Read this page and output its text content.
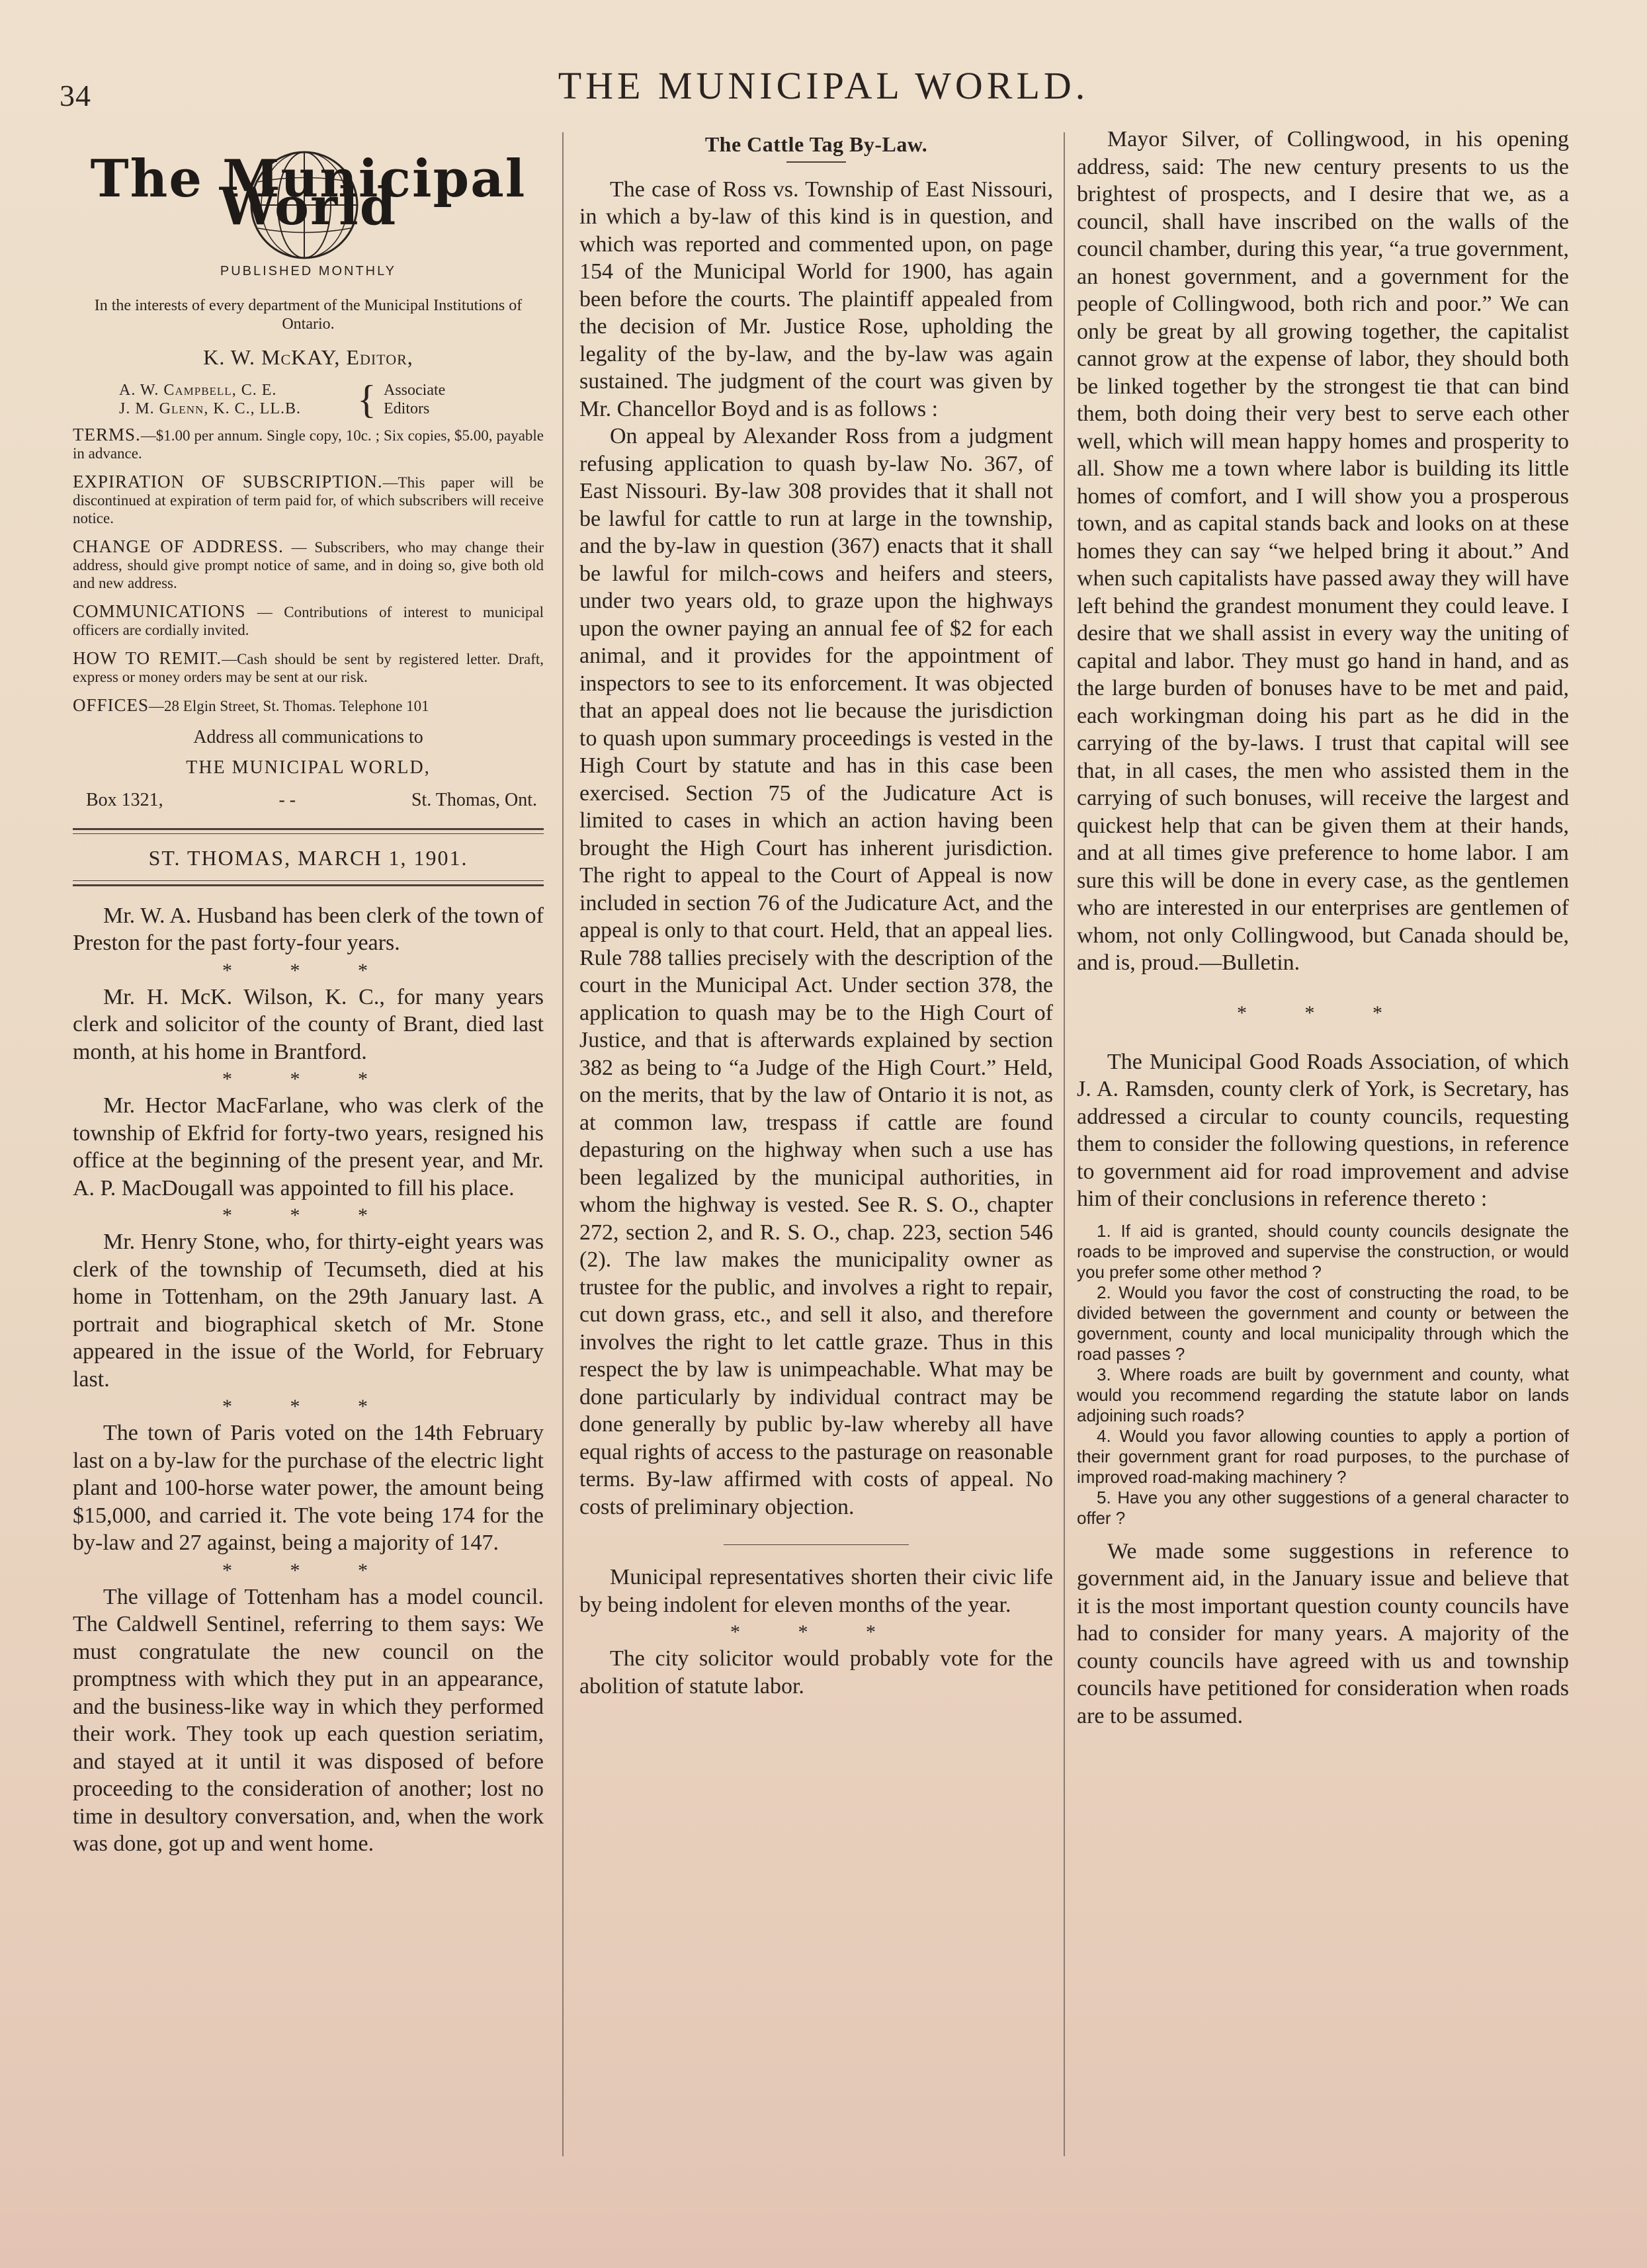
34	THE MUNICIPAL WORLD.
The Municipal World
PUBLISHED MONTHLY
In the interests of every department of the Municipal Institutions of Ontario.
K. W. McKAY, Editor,
A. W. Campbell, C. E.
J. M. Glenn, K. C., LL.B.	{ Associate
Editors
TERMS.—$1.00 per annum. Single copy, 10c. ; Six copies, $5.00, payable in advance.
EXPIRATION OF SUBSCRIPTION.—This paper will be discontinued at expiration of term paid for, of which subscribers will receive notice.
CHANGE OF ADDRESS. — Subscribers, who may change their address, should give prompt notice of same, and in doing so, give both old and new address.
COMMUNICATIONS — Contributions of interest to municipal officers are cordially invited.
HOW TO REMIT.—Cash should be sent by registered letter. Draft, express or money orders may be sent at our risk.
OFFICES—28 Elgin Street, St. Thomas. Telephone 101
Address all communications to
THE MUNICIPAL WORLD,
Box 1321,	- -	St. Thomas, Ont.
ST. THOMAS, MARCH 1, 1901.

Mr. W. A. Husband has been clerk of the town of Preston for the past forty-four years.

* * *

Mr. H. McK. Wilson, K. C., for many years clerk and solicitor of the county of Brant, died last month, at his home in Brantford.

* * *

Mr. Hector MacFarlane, who was clerk of the township of Ekfrid for forty-two years, resigned his office at the beginning of the present year, and Mr. A. P. MacDougall was appointed to fill his place.

* * *

Mr. Henry Stone, who, for thirty-eight years was clerk of the township of Tecumseth, died at his home in Tottenham, on the 29th January last. A portrait and biographical sketch of Mr. Stone appeared in the issue of the World, for February last.

* * *

The town of Paris voted on the 14th February last on a by-law for the purchase of the electric light plant and 100-horse water power, the amount being $15,000, and carried it. The vote being 174 for the by-law and 27 against, being a majority of 147.

* * *

The village of Tottenham has a model council. The Caldwell Sentinel, referring to them says: We must congratulate the new council on the promptness with which they put in an appearance, and the business-like way in which they performed their work. They took up each question seriatim, and stayed at it until it was disposed of before proceeding to the consideration of another; lost no time in desultory conversation, and, when the work was done, got up and went home.

The Cattle Tag By-Law.

The case of Ross vs. Township of East Nissouri, in which a by-law of this kind is in question, and which was reported and commented upon, on page 154 of the Municipal World for 1900, has again been before the courts. The plaintiff appealed from the decision of Mr. Justice Rose, upholding the legality of the by-law, and the by-law was again sustained. The judgment of the court was given by Mr. Chancellor Boyd and is as follows :

On appeal by Alexander Ross from a judgment refusing application to quash by-law No. 367, of East Nissouri. By-law 308 provides that it shall not be lawful for cattle to run at large in the township, and the by-law in question (367) enacts that it shall be lawful for milch-cows and heifers and steers, under two years old, to graze upon the highways upon the owner paying an annual fee of $2 for each animal, and it provides for the appointment of inspectors to see to its enforcement. It was objected that an appeal does not lie because the jurisdiction to quash upon summary proceedings is vested in the High Court by statute and has in this case been exercised. Section 75 of the Judicature Act is limited to cases in which an action having been brought the High Court has inherent jurisdiction. The right to appeal to the Court of Appeal is now included in section 76 of the Judicature Act, and the appeal is only to that court. Held, that an appeal lies. Rule 788 tallies precisely with the description of the court in the Municipal Act. Under section 378, the application to quash may be to the High Court of Justice, and that is afterwards explained by section 382 as being to “a Judge of the High Court.” Held, on the merits, that by the law of Ontario it is not, as at common law, trespass if cattle are found depasturing on the highway when such a use has been legalized by the municipal authorities, in whom the highway is vested. See R. S. O., chapter 272, section 2, and R. S. O., chap. 223, section 546 (2). The law makes the municipality owner as trustee for the public, and involves a right to repair, cut down grass, etc., and sell it also, and therefore involves the right to let cattle graze. Thus in this respect the by law is unimpeachable. What may be done particularly by individual contract may be done generally by public by-law whereby all have equal rights of access to the pasturage on reasonable terms. By-law affirmed with costs of appeal. No costs of preliminary objection.

Municipal representatives shorten their civic life by being indolent for eleven months of the year.

* * *

The city solicitor would probably vote for the abolition of statute labor.

Mayor Silver, of Collingwood, in his opening address, said: The new century presents to us the brightest of prospects, and I desire that we, as a council, shall have inscribed on the walls of the council chamber, during this year, “a true government, an honest government, and a government for the people of Collingwood, both rich and poor.” We can only be great by all growing together, the capitalist cannot grow at the expense of labor, they should both be linked together by the strongest tie that can bind them, both doing their very best to serve each other well, which will mean happy homes and prosperity to all. Show me a town where labor is building its little homes of comfort, and I will show you a prosperous town, and as capital stands back and looks on at these homes they can say “we helped bring it about.” And when such capitalists have passed away they will have left behind the grandest monument they could leave. I desire that we shall assist in every way the uniting of capital and labor. They must go hand in hand, and as the large burden of bonuses have to be met and paid, each workingman doing his part as he did in the carrying of the by-laws. I trust that capital will see that, in all cases, the men who assisted them in the carrying of such bonuses, will receive the largest and quickest help that can be given them at their hands, and at all times give preference to home labor. I am sure this will be done in every case, as the gentlemen who are interested in our enterprises are gentlemen of whom, not only Collingwood, but Canada should be, and is, proud.—Bulletin.

* * *

The Municipal Good Roads Association, of which J. A. Ramsden, county clerk of York, is Secretary, has addressed a circular to county councils, requesting them to consider the following questions, in reference to government aid for road improvement and advise him of their conclusions in reference thereto :

1. If aid is granted, should county councils designate the roads to be improved and supervise the construction, or would you prefer some other method ?

2. Would you favor the cost of constructing the road, to be divided between the government and county or between the government, county and local municipality through which the road passes ?

3. Where roads are built by government and county, what would you recommend regarding the statute labor on lands adjoining such roads?

4. Would you favor allowing counties to apply a portion of their government grant for road purposes, to the purchase of improved road-making machinery ?

5. Have you any other suggestions of a general character to offer ?

We made some suggestions in reference to government aid, in the January issue and believe that it is the most important question county councils have had to consider for many years. A majority of the county councils have agreed with us and township councils have petitioned for consideration when roads are to be assumed.
